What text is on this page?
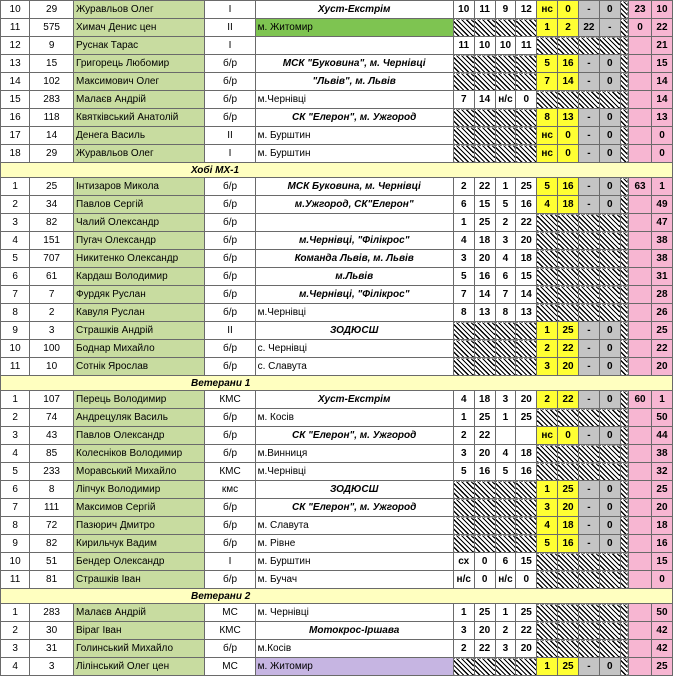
10	29	Журавльов Олег	І	Хуст-Екстрім	10	11	9	12	нс	0	-	0		23	10
11	575	Химач Денис цен	ІІ	м. Житомир					1	2	22	-		0	22
12	9	Руснак Тарас	І		11	10	10	11							21
13	15	Григорець Любомир	б/р	МСК "Буковина", м. Чернівці					5	16	-	0			15
14	102	Максимович Олег	б/р	"Львів", м. Львів					7	14	-	0			14
15	283	Малаєв Андрій	б/р	м.Чернівці	7	14	н/с	0							14
16	118	Квятківський Анатолій	б/р	СК "Елерон", м. Ужгород					8	13	-	0			13
17	14	Денега Василь	ІІ	м. Бурштин					нс	0	-	0			0
18	29	Журавльов Олег	І	м. Бурштин					нс	0	-	0			0
Хобі МХ-1															
1	25	Інтизаров Микола	б/р	МСК Буковина, м. Чернівці	2	22	1	25	5	16	-	0		63	1
2	34	Павлов Сергій	б/р	м.Ужгород, СК"Елерон"	6	15	5	16	4	18	-	0			49
3	82	Чалий Олександр	б/р		1	25	2	22							47
4	151	Пугач Олександр	б/р	м.Чернівці, "Філікрос"	4	18	3	20							38
5	707	Никитенко Олександр	б/р	Команда Львів, м. Львів	3	20	4	18							38
6	61	Кардаш Володимир	б/р	м.Львів	5	16	6	15							31
7	7	Фурдяк Руслан	б/р	м.Чернівці, "Філікрос"	7	14	7	14							28
8	2	Кавуля Руслан	б/р	м.Чернівці	8	13	8	13							26
9	3	Страшків Андрій	ІІ	ЗОДЮСШ					1	25	-	0			25
10	100	Боднар Михайло	б/р	с. Чернівці					2	22	-	0			22
11	10	Сотнік Ярослав	б/р	с. Славута					3	20	-	0			20
Ветерани 1															
1	107	Перець Володимир	КМС	Хуст-Екстрім	4	18	3	20	2	22	-	0		60	1
2	74	Андрецуляк Василь	б/р	м. Косів	1	25	1	25							50
3	43	Павлов Олександр	б/р	СК "Елерон", м. Ужгород	2	22			нс	0	-	0			44
4	85	Колеснiков Володимир	б/р	м.Винниця	3	20	4	18							38
5	233	Моравський Михайло	КМС	м.Чернівці	5	16	5	16							32
6	8	Ліпчук Володимир	кмс	ЗОДЮСШ					1	25	-	0			25
7	111	Максимов Сергій	б/р	СК "Елерон", м. Ужгород					3	20	-	0			20
8	72	Пазюрич Дмитро	б/р	м. Славута					4	18	-	0			18
9	82	Кирильчук Вадим	б/р	м. Рівне					5	16	-	0			16
10	51	Бендер Олександр	І	м. Бурштин	сх	0	6	15							15
11	81	Страшків Іван	б/р	м. Бучач	н/с	0	н/с	0							0
Ветерани 2															
1	283	Малаєв Андрій	МС	м. Чернівці	1	25	1	25							50
2	30	Віраг Іван	КМС	Мотокрос-Іршава	3	20	2	22							42
3	31	Голинський Михайло	б/р	м.Косів	2	22	3	20							42
4	3	Лілінський Олег цен	МС	м. Житомир					1	25	-	0			25
